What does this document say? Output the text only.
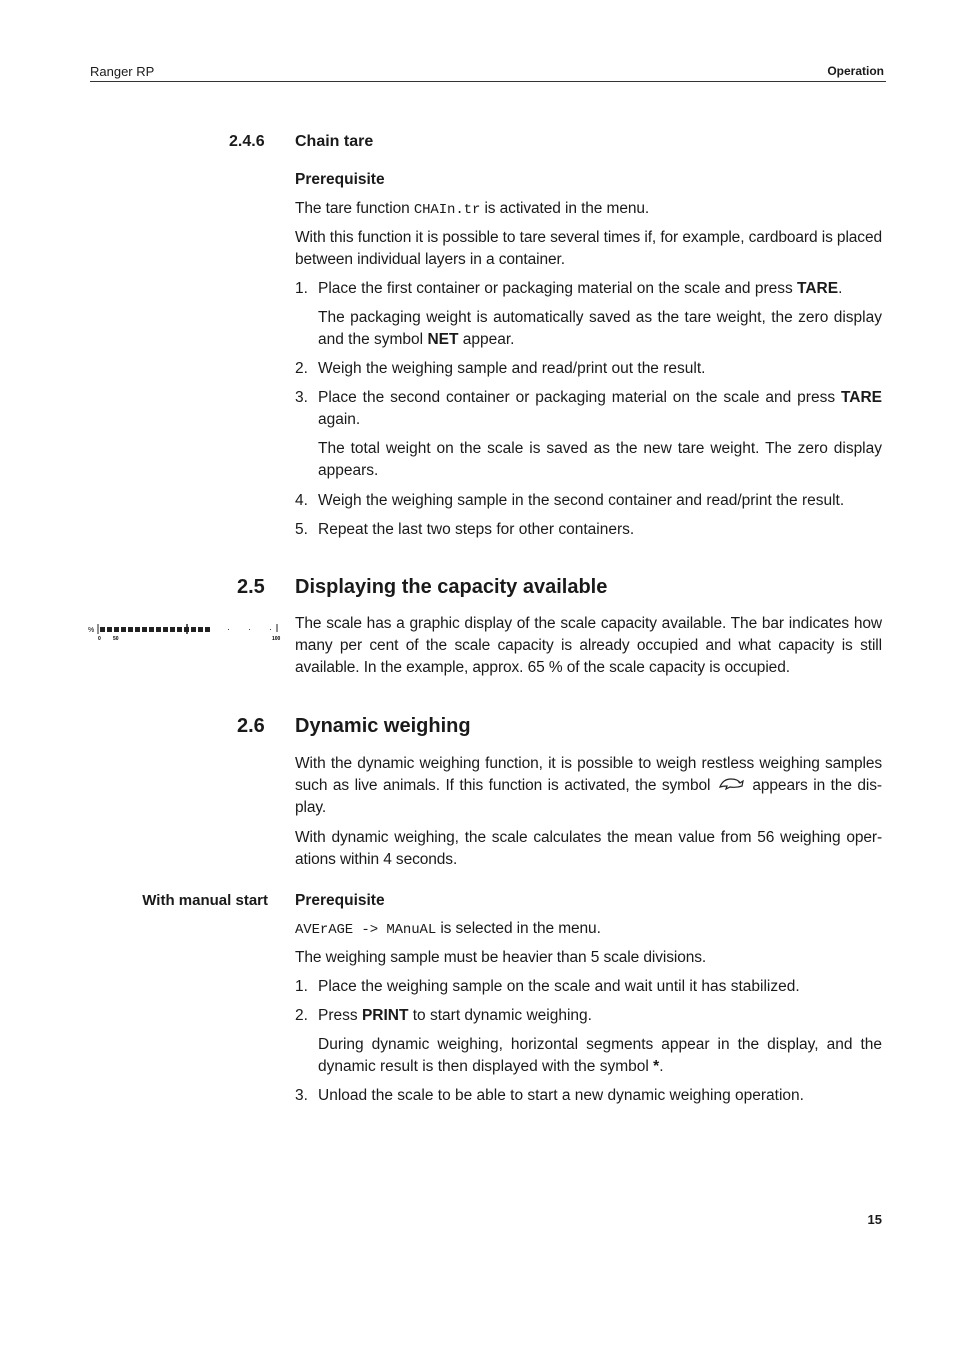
Ranger RP	Operation
2.4.6 Chain tare
Prerequisite
The tare function CHAIn.tr is activated in the menu.
With this function it is possible to tare several times if, for example, cardboard is placed between individual layers in a container.
1. Place the first container or packaging material on the scale and press TARE.
The packaging weight is automatically saved as the tare weight, the zero display and the symbol NET appear.
2. Weigh the weighing sample and read/print out the result.
3. Place the second container or packaging material on the scale and press TARE again.
The total weight on the scale is saved as the new tare weight. The zero display appears.
4. Weigh the weighing sample in the second container and read/print the result.
5. Repeat the last two steps for other containers.
2.5 Displaying the capacity available
%
0 50	100
The scale has a graphic display of the scale capacity available. The bar indicates how many per cent of the scale capacity is already occupied and what capacity is still available. In the example, approx. 65 % of the scale capacity is occupied.
2.6 Dynamic weighing
With the dynamic weighing function, it is possible to weigh restless weighing samples such as live animals. If this function is activated, the symbol	appears in the dis-play.
With dynamic weighing, the scale calculates the mean value from 56 weighing oper-ations within 4 seconds.
With manual start Prerequisite
AVErAGE -> MAnuAL is selected in the menu.
The weighing sample must be heavier than 5 scale divisions.
1. Place the weighing sample on the scale and wait until it has stabilized.
2. Press PRINT to start dynamic weighing.
During dynamic weighing, horizontal segments appear in the display, and the dynamic result is then displayed with the symbol *.
3. Unload the scale to be able to start a new dynamic weighing operation.
15
